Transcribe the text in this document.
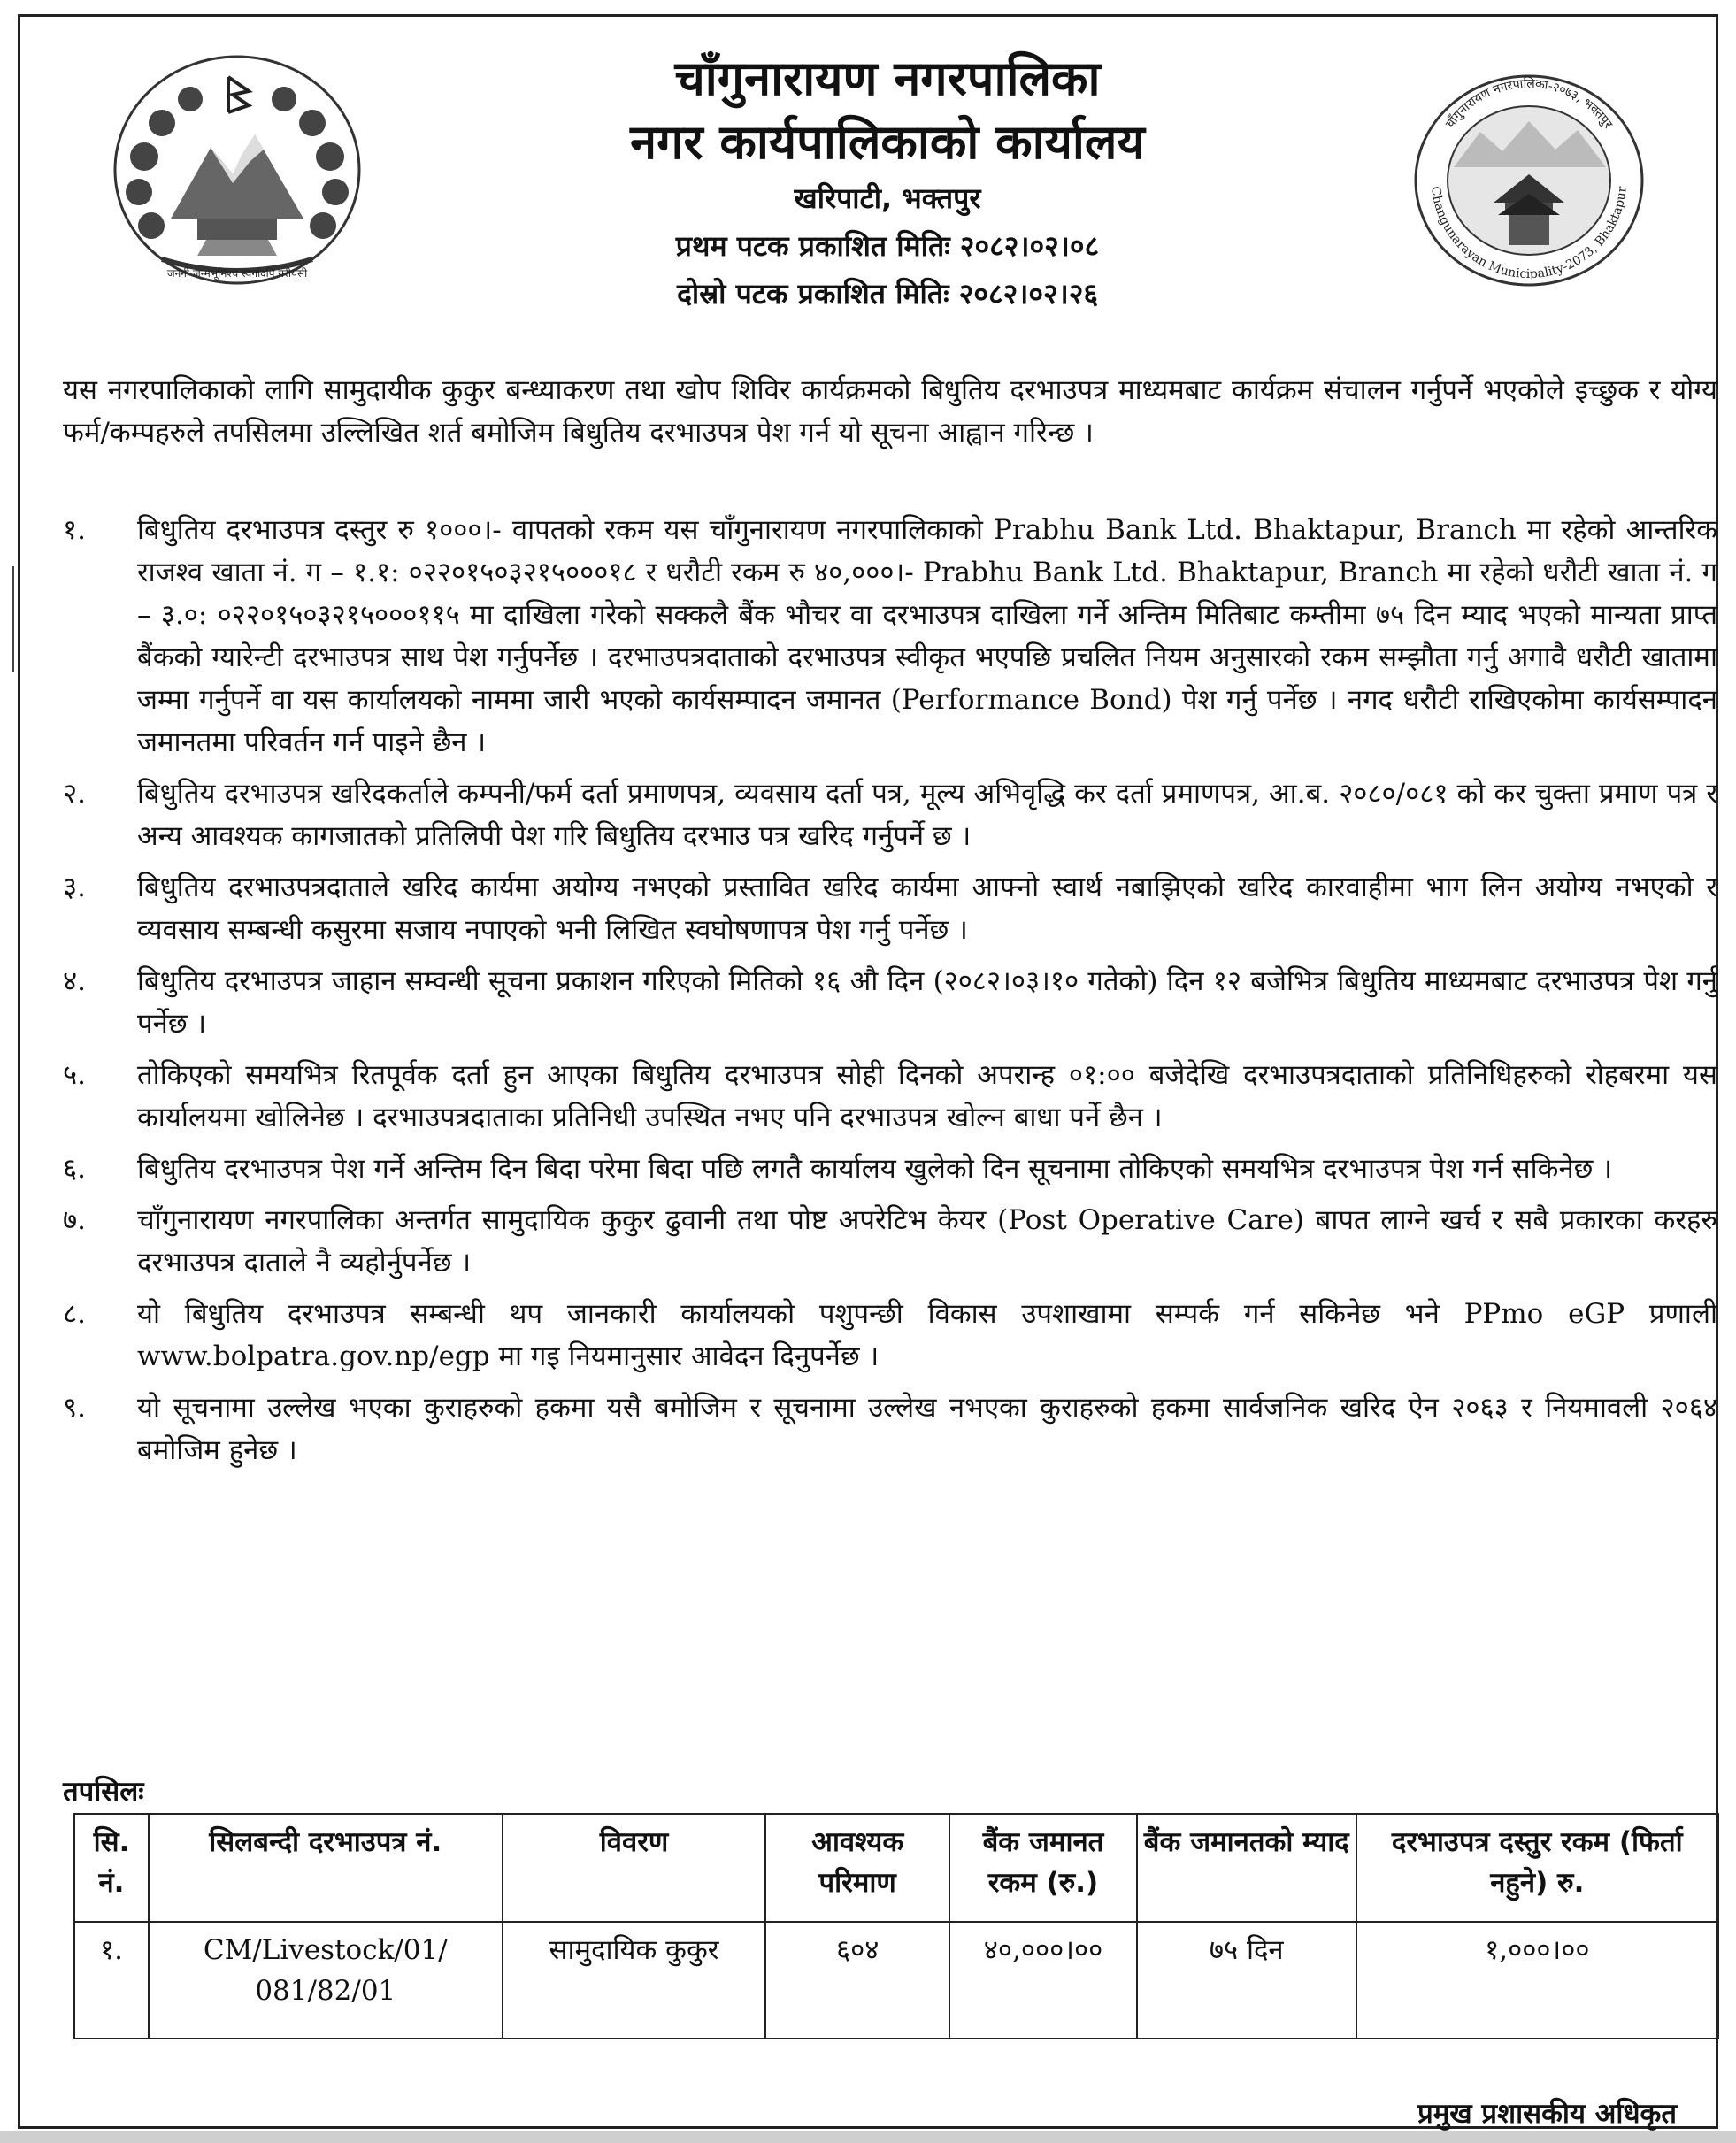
जननी जन्मभूमिश्च स्वर्गादपि गरीयसी
चाँगुनारायण नगरपालिका
नगर कार्यपालिकाको कार्यालय
खरिपाटी, भक्तपुर
प्रथम पटक प्रकाशित मितिः २०८२।०२।०८
दोस्रो पटक प्रकाशित मितिः २०८२।०२।२६
चाँगुनारायण नगरपालिका-२०७३, भक्तपुर
Changunarayan Municipality-2073, Bhaktapur
यस नगरपालिकाको लागि सामुदायीक कुकुर बन्ध्याकरण तथा खोप शिविर कार्यक्रमको बिधुतिय दरभाउपत्र माध्यमबाट कार्यक्रम संचालन गर्नुपर्ने भएकोले इच्छुक र योग्य फर्म/कम्पहरुले तपसिलमा उल्लिखित शर्त बमोजिम बिधुतिय दरभाउपत्र पेश गर्न यो सूचना आह्वान गरिन्छ ।
१.	बिधुतिय दरभाउपत्र दस्तुर रु १०००।- वापतको रकम यस चाँगुनारायण नगरपालिकाको Prabhu Bank Ltd. Bhaktapur, Branch मा रहेको आन्तरिक राजश्व खाता नं. ग – १.१: ०२२०१५०३२१५०००१८ र धरौटी रकम रु ४०,०००।- Prabhu Bank Ltd. Bhaktapur, Branch मा रहेको धरौटी खाता नं. ग – ३.०: ०२२०१५०३२१५०००११५ मा दाखिला गरेको सक्कलै बैंक भौचर वा दरभाउपत्र दाखिला गर्ने अन्तिम मितिबाट कम्तीमा ७५ दिन म्याद भएको मान्यता प्राप्त बैंकको ग्यारेन्टी दरभाउपत्र साथ पेश गर्नुपर्नेछ । दरभाउपत्रदाताको दरभाउपत्र स्वीकृत भएपछि प्रचलित नियम अनुसारको रकम सम्झौता गर्नु अगावै धरौटी खातामा जम्मा गर्नुपर्ने वा यस कार्यालयको नाममा जारी भएको कार्यसम्पादन जमानत (Performance Bond) पेश गर्नु पर्नेछ । नगद धरौटी राखिएकोमा कार्यसम्पादन जमानतमा परिवर्तन गर्न पाइने छैन ।
२.	बिधुतिय दरभाउपत्र खरिदकर्ताले कम्पनी/फर्म दर्ता प्रमाणपत्र, व्यवसाय दर्ता पत्र, मूल्य अभिवृद्धि कर दर्ता प्रमाणपत्र, आ.ब. २०८०/०८१ को कर चुक्ता प्रमाण पत्र र अन्य आवश्यक कागजातको प्रतिलिपी पेश गरि बिधुतिय दरभाउ पत्र खरिद गर्नुपर्ने छ ।
३.	बिधुतिय दरभाउपत्रदाताले खरिद कार्यमा अयोग्य नभएको प्रस्तावित खरिद कार्यमा आफ्नो स्वार्थ नबाझिएको खरिद कारवाहीमा भाग लिन अयोग्य नभएको र व्यवसाय सम्बन्धी कसुरमा सजाय नपाएको भनी लिखित स्वघोषणापत्र पेश गर्नु पर्नेछ ।
४.	बिधुतिय दरभाउपत्र जाहान सम्वन्धी सूचना प्रकाशन गरिएको मितिको १६ औ दिन (२०८२।०३।१० गतेको) दिन १२ बजेभित्र बिधुतिय माध्यमबाट दरभाउपत्र पेश गर्नु पर्नेछ ।
५.	तोकिएको समयभित्र रितपूर्वक दर्ता हुन आएका बिधुतिय दरभाउपत्र सोही दिनको अपरान्ह ०१:०० बजेदेखि दरभाउपत्रदाताको प्रतिनिधिहरुको रोहबरमा यस कार्यालयमा खोलिनेछ । दरभाउपत्रदाताका प्रतिनिधी उपस्थित नभए पनि दरभाउपत्र खोल्न बाधा पर्ने छैन ।
६.	बिधुतिय दरभाउपत्र पेश गर्ने अन्तिम दिन बिदा परेमा बिदा पछि लगतै कार्यालय खुलेको दिन सूचनामा तोकिएको समयभित्र दरभाउपत्र पेश गर्न सकिनेछ ।
७.	चाँगुनारायण नगरपालिका अन्तर्गत सामुदायिक कुकुर ढुवानी तथा पोष्ट अपरेटिभ केयर (Post Operative Care) बापत लाग्ने खर्च र सबै प्रकारका करहरु दरभाउपत्र दाताले नै व्यहोर्नुपर्नेछ ।
८.	यो बिधुतिय दरभाउपत्र सम्बन्धी थप जानकारी कार्यालयको पशुपन्छी विकास उपशाखामा सम्पर्क गर्न सकिनेछ भने PPmo eGP प्रणाली www.bolpatra.gov.np/egp मा गइ नियमानुसार आवेदन दिनुपर्नेछ ।
९.	यो सूचनामा उल्लेख भएका कुराहरुको हकमा यसै बमोजिम र सूचनामा उल्लेख नभएका कुराहरुको हकमा सार्वजनिक खरिद ऐन २०६३ र नियमावली २०६४ बमोजिम हुनेछ ।
तपसिलः
सि. नं.	सिलबन्दी दरभाउपत्र नं.	विवरण	आवश्यक परिमाण	बैंक जमानत रकम (रु.)	बैंक जमानतको म्याद	दरभाउपत्र दस्तुर रकम (फिर्ता नहुने) रु.
१.	CM/Livestock/01/ 081/82/01	सामुदायिक कुकुर	६०४	४०,०००।००	७५ दिन	१,०००।००
प्रमुख प्रशासकीय अधिकृत
